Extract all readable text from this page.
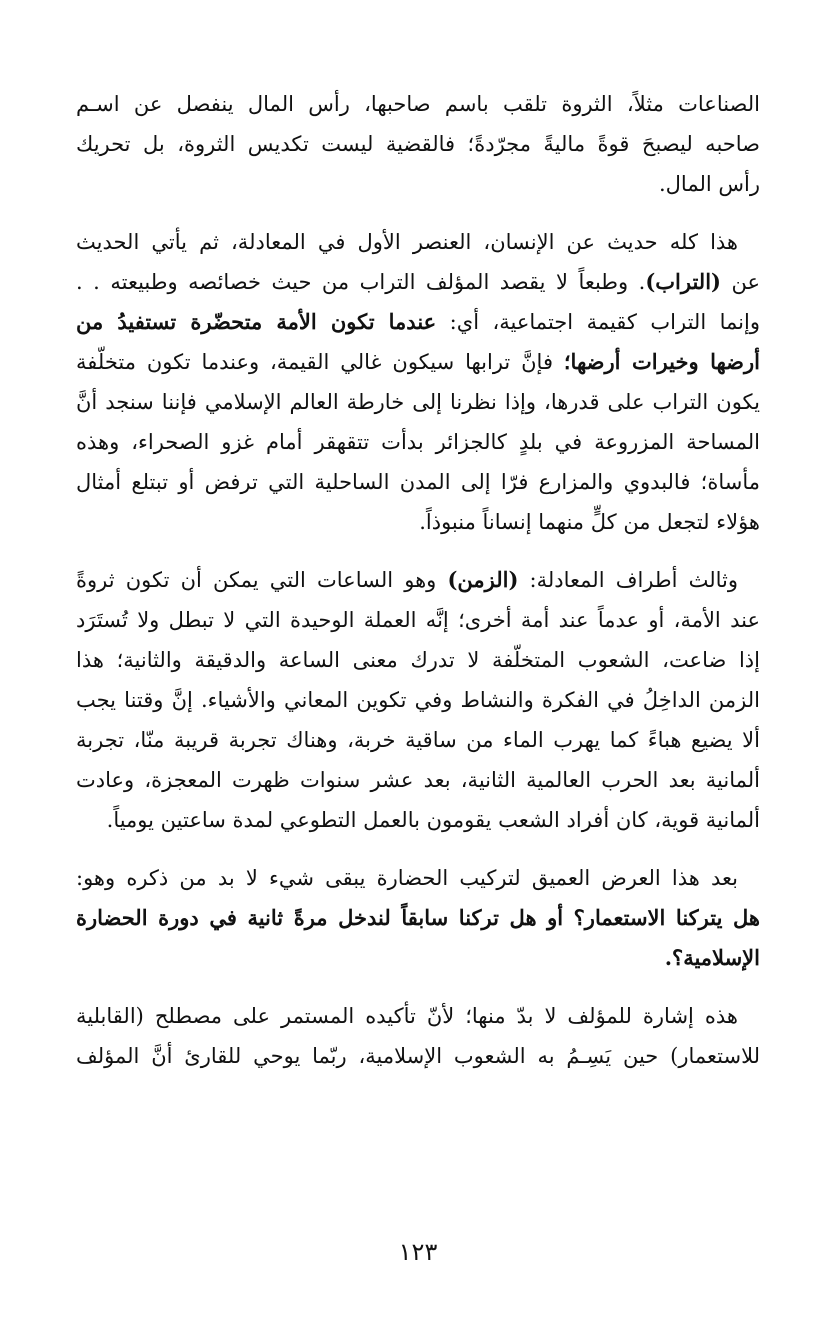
الصناعات مثلاً، الثروة تلقب باسم صاحبها، رأس المال ينفصل عن اسـم
صاحبه ليصبحَ قوةً ماليةً مجرّدةً؛ فالقضية ليست تكديس الثروة، بل تحريك
رأس المال.

هذا كله حديث عن الإنسان، العنصر الأول في المعادلة، ثم يأتي الحديث
عن (التراب). وطبعاً لا يقصد المؤلف التراب من حيث خصائصه وطبيعته . .
وإنما التراب كقيمة اجتماعية، أي: عندما تكون الأمة متحضّرة تستفيدُ من
أرضها وخيرات أرضها؛ فإنَّ ترابها سيكون غالي القيمة، وعندما تكون متخلّفة
يكون التراب على قدرها، وإذا نظرنا إلى خارطة العالم الإسلامي فإننا سنجد أنَّ
المساحة المزروعة في بلدٍ كالجزائر بدأت تتقهقر أمام غزو الصحراء، وهذه
مأساة؛ فالبدوي والمزارع فرّا إلى المدن الساحلية التي ترفض أو تبتلع أمثال
هؤلاء لتجعل من كلٍّ منهما إنساناً منبوذاً.

وثالث أطراف المعادلة: (الزمن) وهو الساعات التي يمكن أن تكون ثروةً
عند الأمة، أو عدماً عند أمة أخرى؛ إنَّه العملة الوحيدة التي لا تبطل ولا تُستَرَد
إذا ضاعت، الشعوب المتخلّفة لا تدرك معنى الساعة والدقيقة والثانية؛ هذا
الزمن الداخِلُ في الفكرة والنشاط وفي تكوين المعاني والأشياء. إنَّ وقتنا يجب
ألا يضيع هباءً كما يهرب الماء من ساقية خربة، وهناك تجربة قريبة منّا، تجربة
ألمانية بعد الحرب العالمية الثانية، بعد عشر سنوات ظهرت المعجزة، وعادت
ألمانية قوية، كان أفراد الشعب يقومون بالعمل التطوعي لمدة ساعتين يومياً.

بعد هذا العرض العميق لتركيب الحضارة يبقى شيء لا بد من ذكره وهو:
هل يتركنا الاستعمار؟ أو هل تركنا سابقاً لندخل مرةً ثانية في دورة الحضارة
الإسلامية؟.

هذه إشارة للمؤلف لا بدّ منها؛ لأنّ تأكيده المستمر على مصطلح (القابلية
للاستعمار) حين يَسِـمُ به الشعوب الإسلامية، ربّما يوحي للقارئ أنَّ المؤلف

١٢٣
